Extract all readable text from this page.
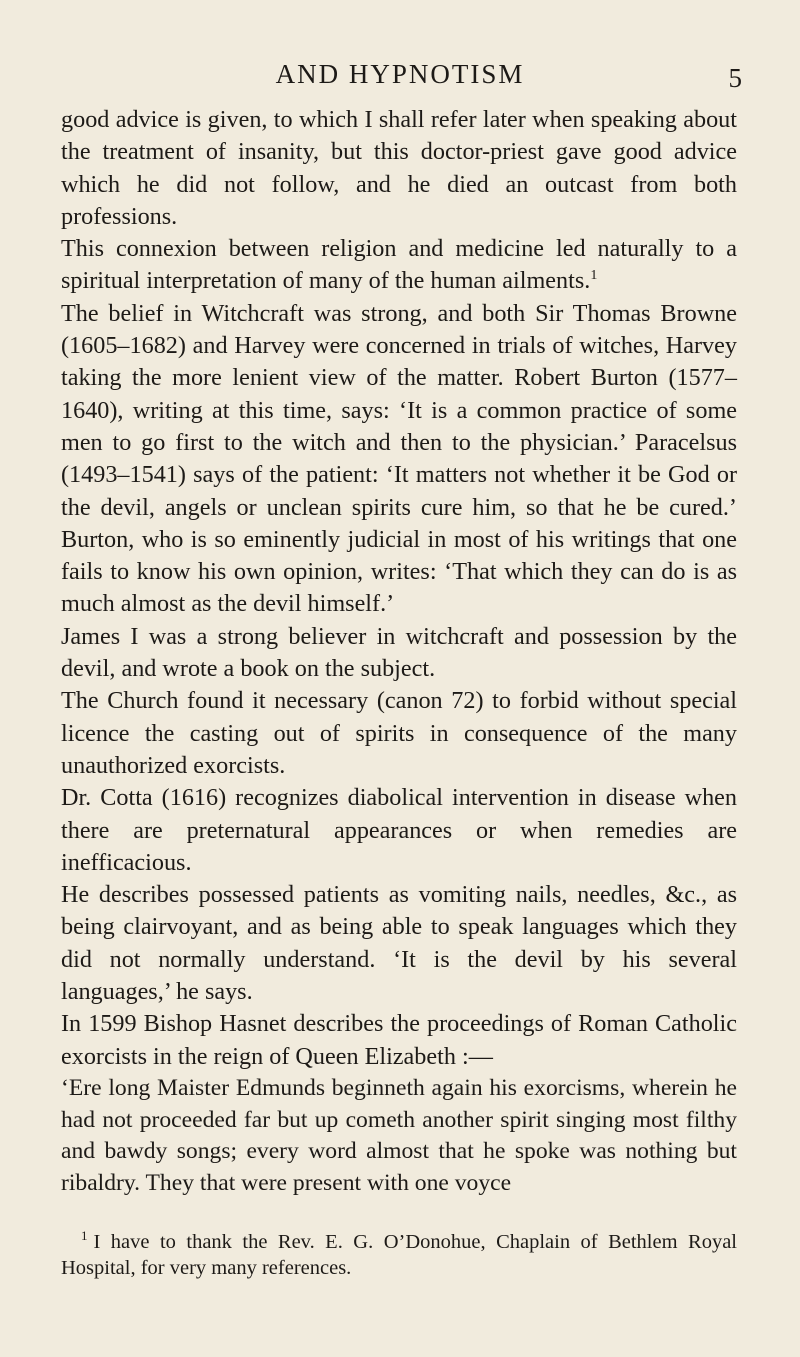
AND HYPNOTISM	5

good advice is given, to which I shall refer later when speaking about the treatment of insanity, but this doctor-priest gave good advice which he did not follow, and he died an outcast from both professions.

This connexion between religion and medicine led naturally to a spiritual interpretation of many of the human ailments.$^1$

The belief in Witchcraft was strong, and both Sir Thomas Browne (1605–1682) and Harvey were concerned in trials of witches, Harvey taking the more lenient view of the matter. Robert Burton (1577–1640), writing at this time, says: ‘It is a common practice of some men to go first to the witch and then to the physician.’ Paracelsus (1493–1541) says of the patient: ‘It matters not whether it be God or the devil, angels or unclean spirits cure him, so that he be cured.’ Burton, who is so eminently judicial in most of his writings that one fails to know his own opinion, writes: ‘That which they can do is as much almost as the devil himself.’

James I was a strong believer in witchcraft and possession by the devil, and wrote a book on the subject.

The Church found it necessary (canon 72) to forbid without special licence the casting out of spirits in consequence of the many unauthorized exorcists.

Dr. Cotta (1616) recognizes diabolical intervention in disease when there are preternatural appearances or when remedies are inefficacious.

He describes possessed patients as vomiting nails, needles, &c., as being clairvoyant, and as being able to speak languages which they did not normally understand. ‘It is the devil by his several languages,’ he says.

In 1599 Bishop Hasnet describes the proceedings of Roman Catholic exorcists in the reign of Queen Elizabeth :—

‘Ere long Maister Edmunds beginneth again his exorcisms, wherein he had not proceeded far but up cometh another spirit singing most filthy and bawdy songs; every word almost that he spoke was nothing but ribaldry. They that were present with one voyce

$^1$ I have to thank the Rev. E. G. O’Donohue, Chaplain of Bethlem Royal Hospital, for very many references.
